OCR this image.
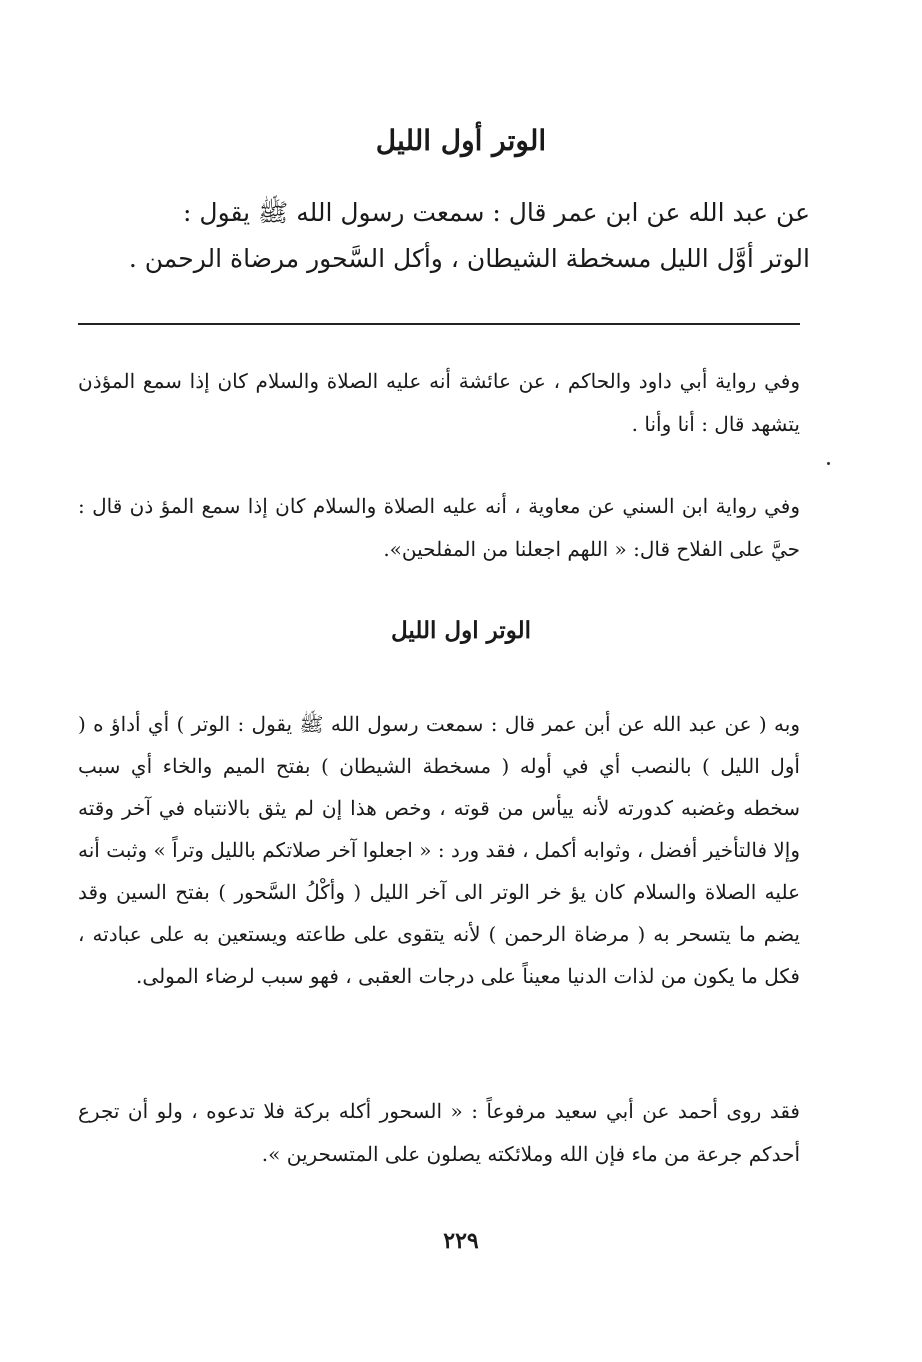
الوتر أول الليل
عن عبد الله عن ابن عمر قال : سمعت رسول الله ﷺ يقول :
الوتر أوَّل الليل مسخطة الشيطان ، وأكل السَّحور مرضاة الرحمن .
وفي رواية أبي داود والحاكم ، عن عائشة أنه عليه الصلاة والسلام كان إذا سمع المؤذن يتشهد قال : أنا وأنا .
وفي رواية ابن السني عن معاوية ، أنه عليه الصلاة والسلام كان إذا سمع المؤ ذن قال : حيَّ على الفلاح قال: « اللهم اجعلنا من المفلحين».
الوتر اول الليل
وبه ( عن عبد الله عن أبن عمر قال : سمعت رسول الله ﷺ يقول : الوتر ) أي أداؤ ه ( أول الليل ) بالنصب أي في أوله ( مسخطة الشيطان ) بفتح الميم والخاء أي سبب سخطه وغضبه كدورته لأنه ييأس من قوته ، وخص هذا إن لم يثق بالانتباه في آخر وقته وإلا فالتأخير أفضل ، وثوابه أكمل ، فقد ورد : « اجعلوا آخر صلاتكم بالليل وتراً » وثبت أنه عليه الصلاة والسلام كان يؤ خر الوتر الى آخر الليل ( وأكْلُ السَّحور ) بفتح السين وقد يضم ما يتسحر به ( مرضاة الرحمن ) لأنه يتقوى على طاعته ويستعين به على عبادته ، فكل ما يكون من لذات الدنيا معيناً على درجات العقبى ، فهو سبب لرضاء المولى.
فقد روى أحمد عن أبي سعيد مرفوعاً : « السحور أكله بركة فلا تدعوه ، ولو أن تجرع أحدكم جرعة من ماء فإن الله وملائكته يصلون على المتسحرين ».
٢٢٩
